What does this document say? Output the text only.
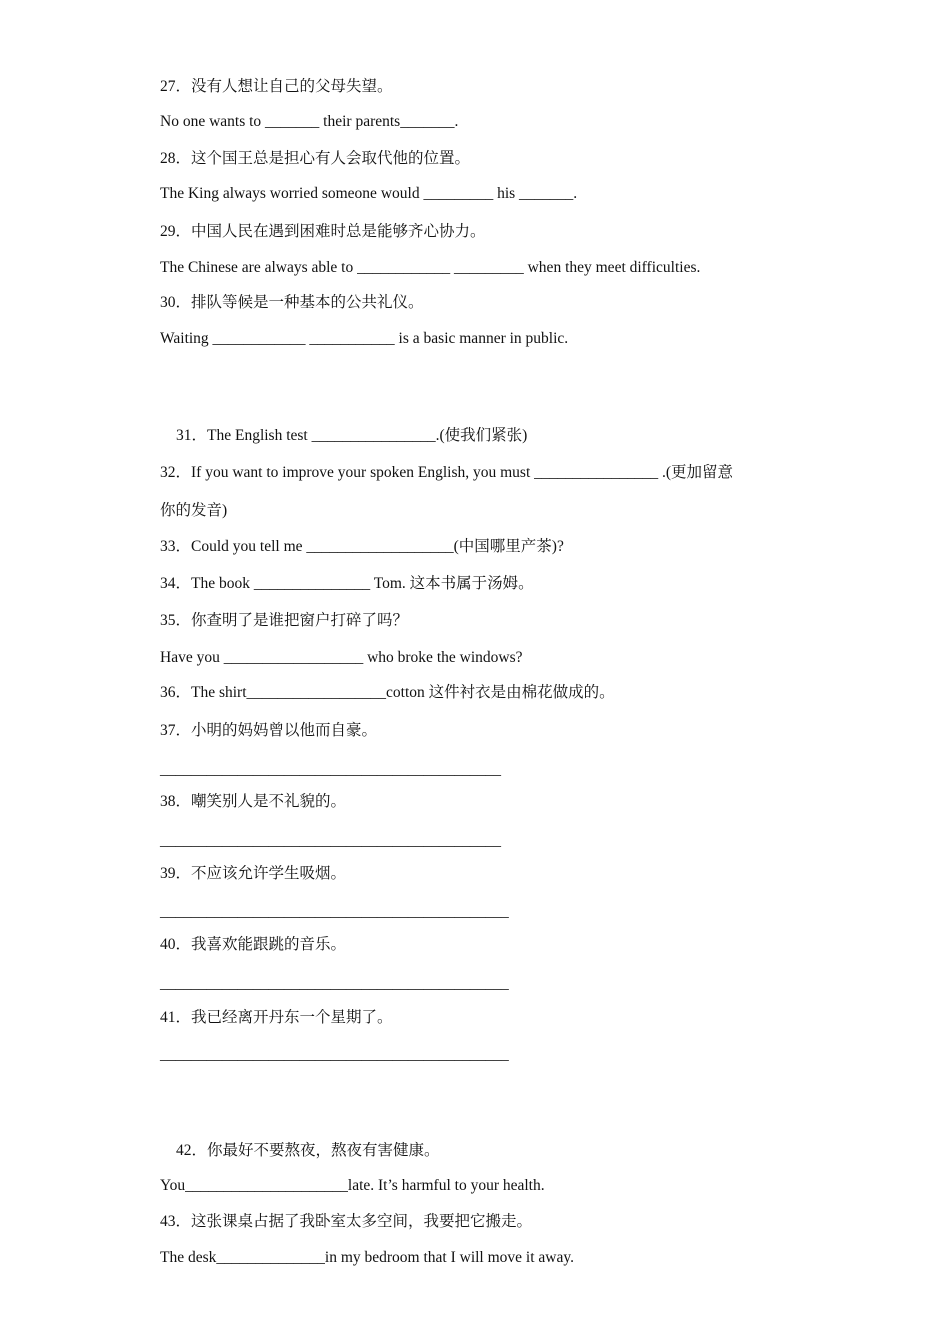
27．没有人想让自己的父母失望。
No one wants to _______ their parents_______.
28．这个国王总是担心有人会取代他的位置。
The King always worried someone would _________ his _______.
29．中国人民在遇到困难时总是能够齐心协力。
The Chinese are always able to ____________ _________ when they meet difficulties.
30．排队等候是一种基本的公共礼仪。
Waiting ____________ ___________ is a basic manner in public.
31．The English test ________________.(使我们紧张)
32．If you want to improve your spoken English, you must ________________ .(更加留意
你的发音)
33．Could you tell me ___________________(中国哪里产茶)?
34．The book _______________ Tom. 这本书属于汤姆。
35．你查明了是谁把窗户打碎了吗？
Have you __________________ who broke the windows?
36．The shirt__________________cotton 这件衬衣是由棉花做成的。
37．小明的妈妈曾以他而自豪。
____________________________________________
38．嘲笑别人是不礼貌的。
____________________________________________
39．不应该允许学生吸烟。
_____________________________________________
40．我喜欢能跟跳的音乐。
_____________________________________________
41．我已经离开丹东一个星期了。
_____________________________________________
42．你最好不要熬夜，熬夜有害健康。
You_____________________late. It’s harmful to your health.
43．这张课桌占据了我卧室太多空间，我要把它搬走。
The desk______________in my bedroom that I will move it away.
